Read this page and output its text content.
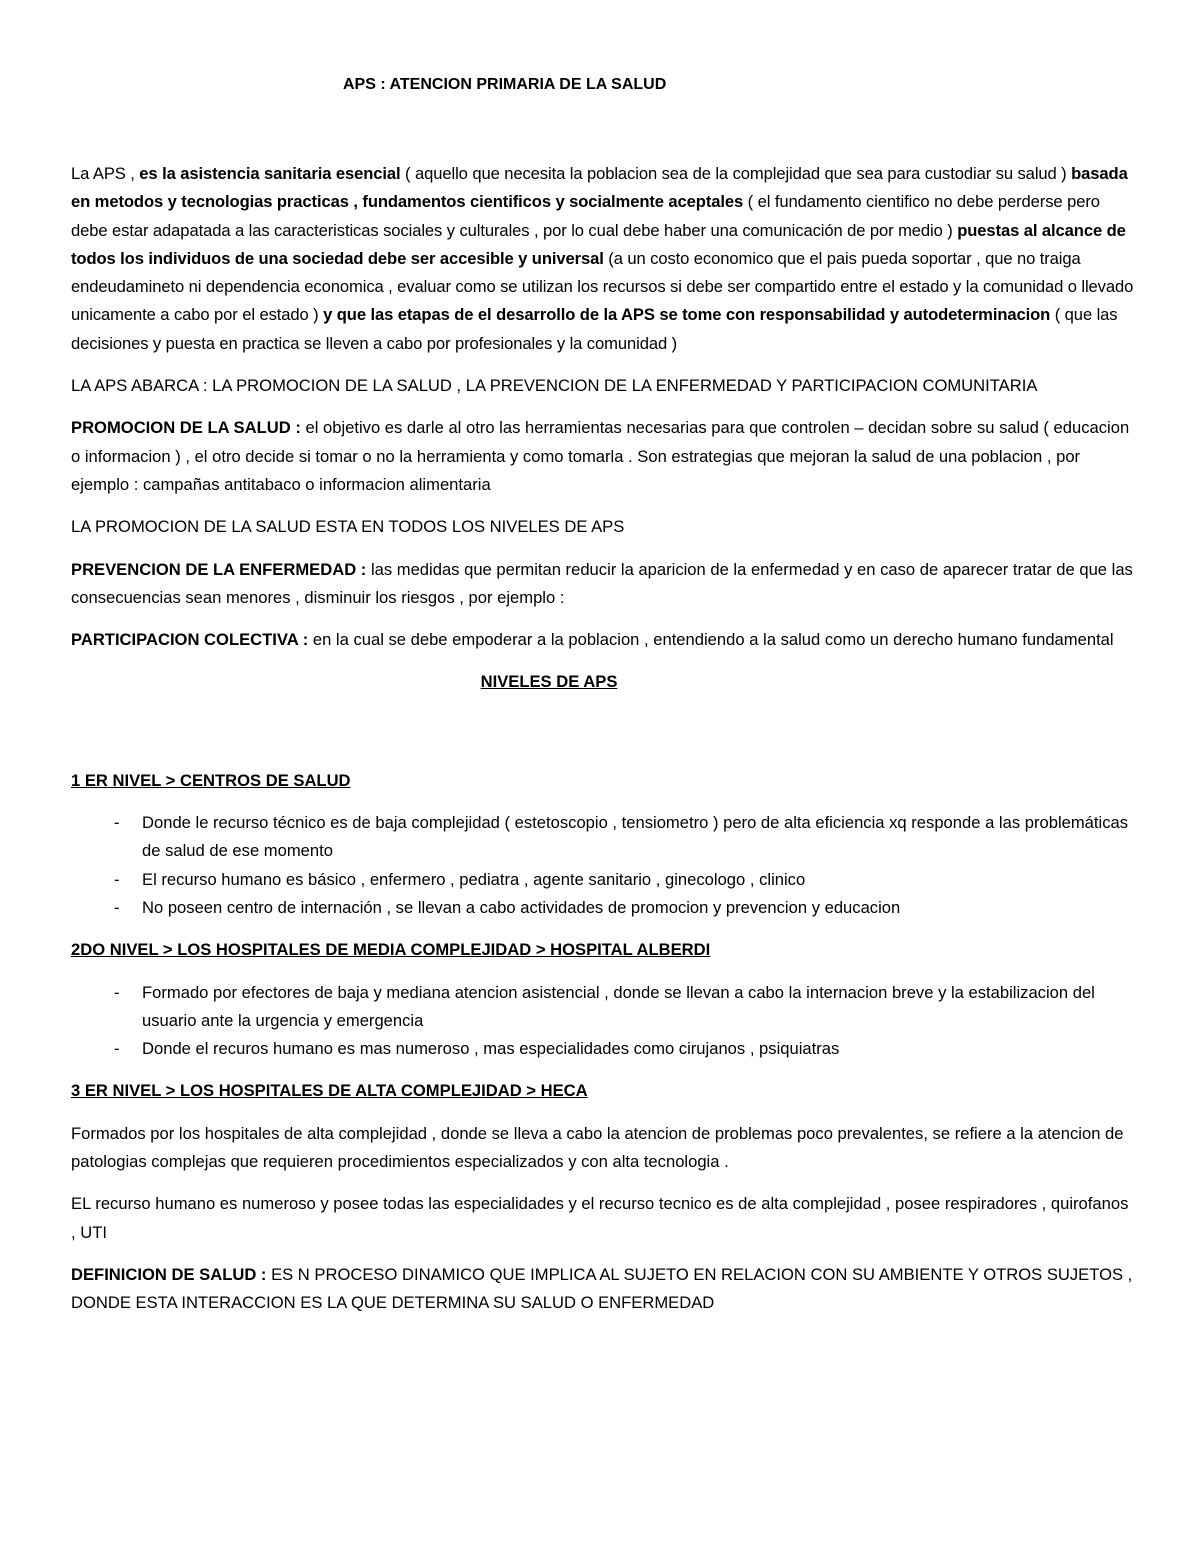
APS : ATENCION PRIMARIA DE LA SALUD

La APS , es la asistencia sanitaria esencial ( aquello que necesita la poblacion sea de la complejidad que sea para custodiar su salud ) basada en metodos y tecnologias practicas , fundamentos cientificos y socialmente aceptales ( el fundamento cientifico no debe perderse pero debe estar adapatada a las caracteristicas sociales y culturales , por lo cual debe haber una comunicación de por medio ) puestas al alcance de todos los individuos de una sociedad debe ser accesible y universal (a un costo economico que el pais pueda soportar , que no traiga endeudamineto ni dependencia economica , evaluar como se utilizan los recursos si debe ser compartido entre el estado y la comunidad o llevado unicamente a cabo por el estado ) y que las etapas de el desarrollo de la APS se tome con responsabilidad y autodeterminacion ( que las decisiones y puesta en practica se lleven a cabo por profesionales y la comunidad )

LA APS ABARCA : LA PROMOCION DE LA SALUD , LA PREVENCION DE LA ENFERMEDAD Y PARTICIPACION COMUNITARIA

PROMOCION DE LA SALUD : el objetivo es darle al otro las herramientas necesarias para que controlen – decidan sobre su salud ( educacion o informacion ) , el otro decide si tomar o no la herramienta y como tomarla . Son estrategias que mejoran la salud de una poblacion , por ejemplo : campañas antitabaco o informacion alimentaria

LA PROMOCION DE LA SALUD ESTA EN TODOS LOS NIVELES DE APS

PREVENCION DE LA ENFERMEDAD : las medidas que permitan reducir la aparicion de la enfermedad y en caso de aparecer tratar de que las consecuencias sean menores , disminuir los riesgos , por ejemplo :

PARTICIPACION COLECTIVA : en la cual se debe empoderar a la poblacion , entendiendo a la salud como un derecho humano fundamental

NIVELES DE APS

1 ER NIVEL > CENTROS DE SALUD

- Donde le recurso técnico es de baja complejidad ( estetoscopio , tensiometro ) pero de alta eficiencia xq responde a las problemáticas de salud de ese momento
- El recurso humano es básico , enfermero , pediatra , agente sanitario , ginecologo , clinico
- No poseen centro de internación , se llevan a cabo actividades de promocion y prevencion y educacion

2DO NIVEL > LOS HOSPITALES DE MEDIA COMPLEJIDAD > HOSPITAL ALBERDI

- Formado por efectores de baja y mediana atencion asistencial , donde se llevan a cabo la internacion breve y la estabilizacion del usuario ante la urgencia y emergencia
- Donde el recuros humano es mas numeroso , mas especialidades como cirujanos , psiquiatras

3 ER NIVEL > LOS HOSPITALES DE ALTA COMPLEJIDAD > HECA

Formados por los hospitales de alta complejidad , donde se lleva a cabo la atencion de problemas poco prevalentes, se refiere a la atencion de patologias complejas que requieren procedimientos especializados y con alta tecnologia .

EL recurso humano es numeroso y posee todas las especialidades y el recurso tecnico es de alta complejidad , posee respiradores , quirofanos , UTI

DEFINICION DE SALUD : ES N PROCESO DINAMICO QUE IMPLICA AL SUJETO EN RELACION CON SU AMBIENTE Y OTROS SUJETOS , DONDE ESTA INTERACCION ES LA QUE DETERMINA SU SALUD O ENFERMEDAD
